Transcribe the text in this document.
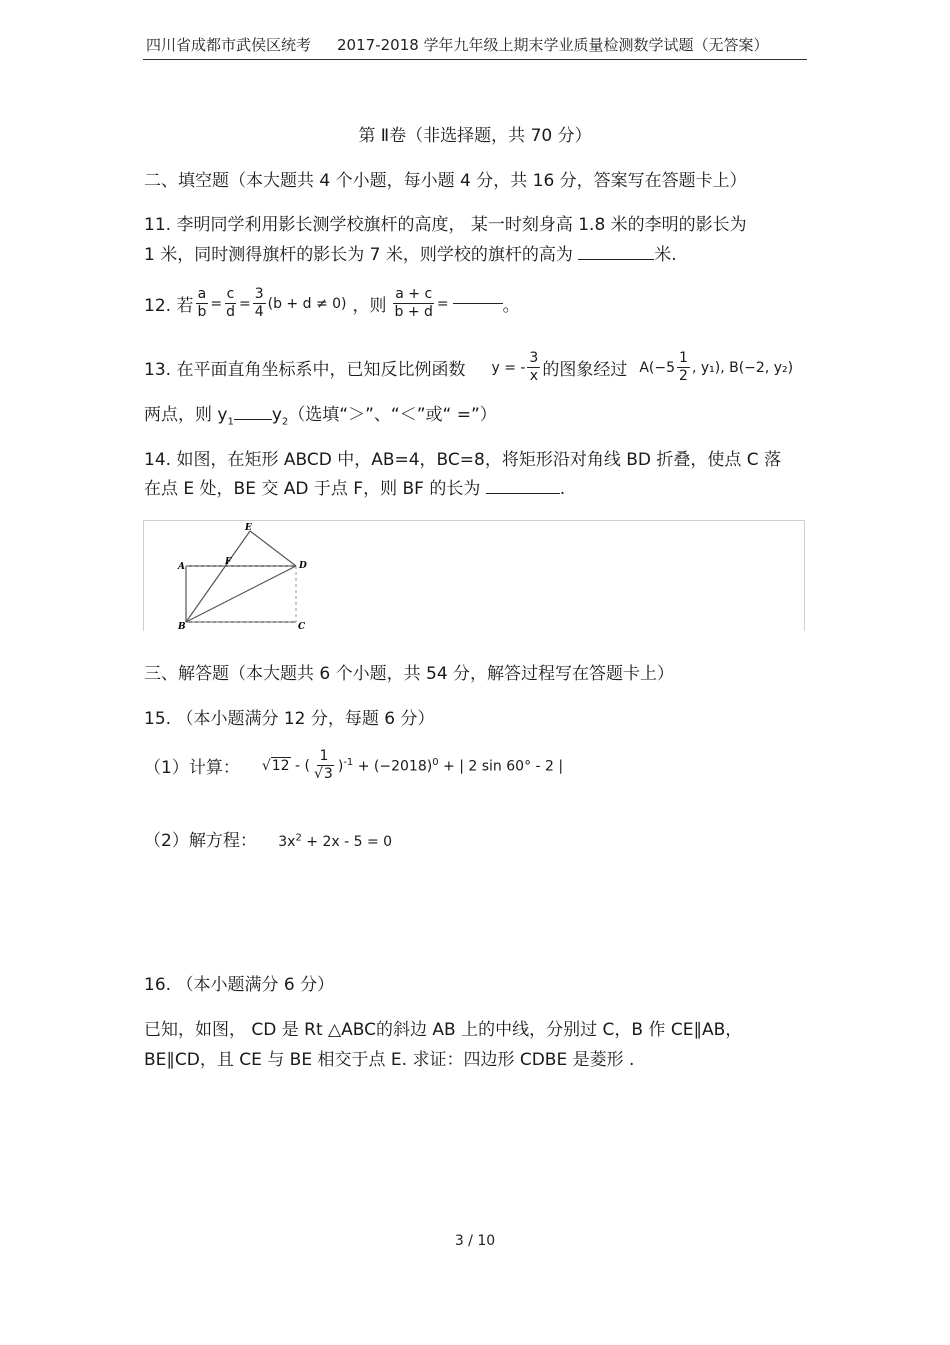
四川省成都市武侯区统考 2017-2018 学年九年级上期末学业质量检测数学试题（无答案）
第 Ⅱ卷（非选择题，共 70 分）
二、填空题（本大题共 4 个小题，每小题 4 分，共 16 分，答案写在答题卡上）
11. 李明同学利用影长测学校旗杆的高度， 某一时刻身高 1.8 米的李明的影长为
1 米，同时测得旗杆的影长为 7 米，则学校的旗杆的高为	米.
12. 若 $\frac{a}{b} = \frac{c}{d} = \frac{3}{4} (b + d \ne 0)$ ，则 $\frac{a + c}{b + d}$ =	。
13. 在平面直角坐标系中，已知反比例函数 y = - $\frac{3}{x}$ 的图象经过 $A(-5 \frac{1}{2}$ , y₁), B(−2, y₂)
两点，则 $y_1$ $y_2$（选填“＞”、“＜”或“ =”）
14. 如图，在矩形 ABCD 中，AB=4，BC=8，将矩形沿对角线 BD 折叠，使点 C 落
在点 E 处，BE 交 AD 于点 F，则 BF 的长为	.
A
B	C
D
E
F
三、解答题（本大题共 6 个小题，共 54 分，解答过程写在答题卡上）
15. （本小题满分 12 分，每题 6 分）
（1）计算： √12 - ( $\frac{1}{√3} )^{-1} + (-2018)^0$ + | 2 sin 60° - 2 |
（2）解方程： $3x^2 + 2x - 5 = 0$
16. （本小题满分 6 分）
已知，如图， CD 是 Rt △ABC的斜边 AB 上的中线，分别过 C，B 作 CE∥AB，
BE∥CD，且 CE 与 BE 相交于点 E. 求证：四边形 CDBE 是菱形 .
3 / 10
